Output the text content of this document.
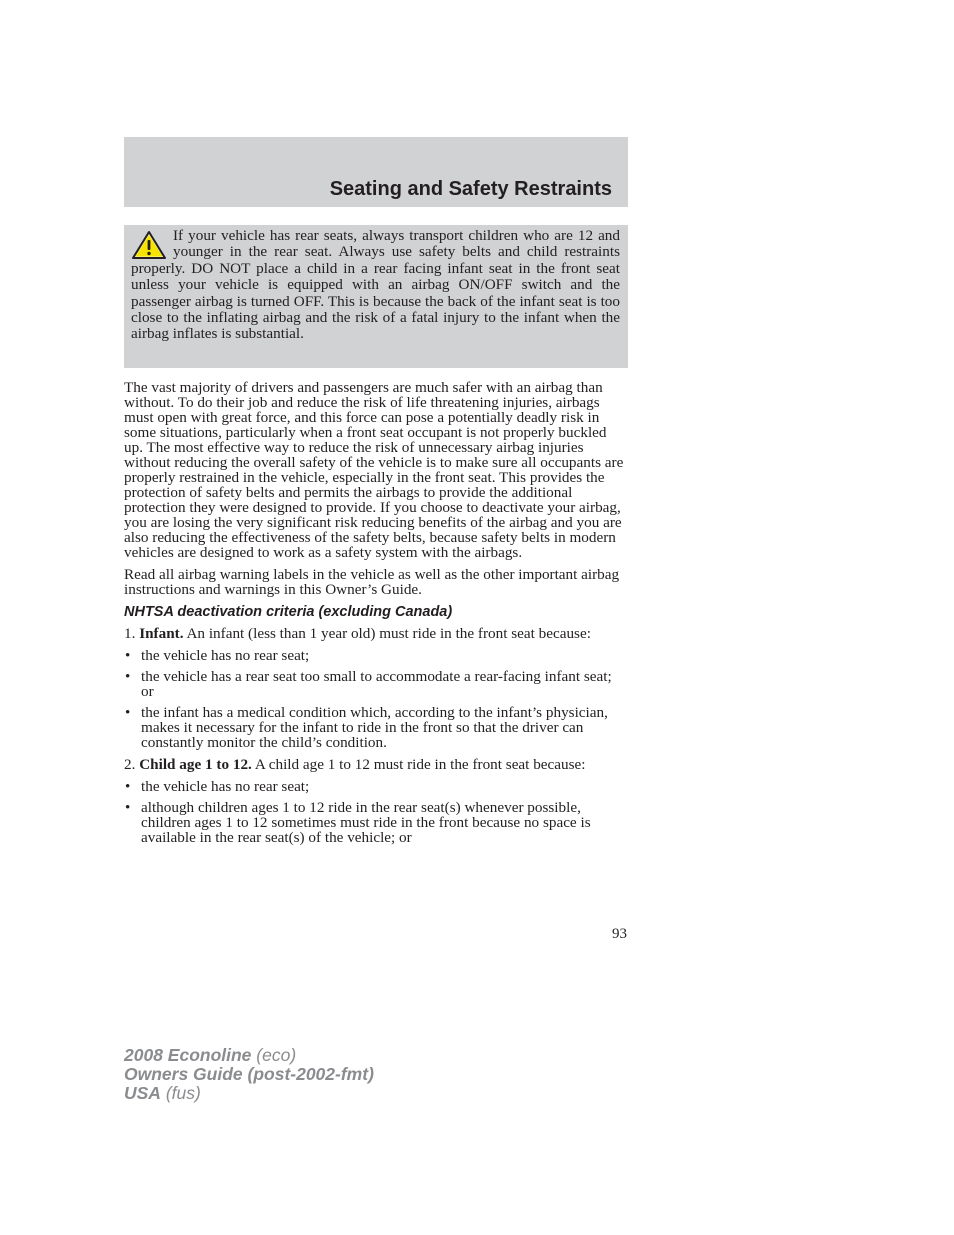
Seating and Safety Restraints

If your vehicle has rear seats, always transport children who are 12 and younger in the rear seat. Always use safety belts and child restraints properly. DO NOT place a child in a rear facing infant seat in the front seat unless your vehicle is equipped with an airbag ON/OFF switch and the passenger airbag is turned OFF. This is because the back of the infant seat is too close to the inflating airbag and the risk of a fatal injury to the infant when the airbag inflates is substantial.

The vast majority of drivers and passengers are much safer with an airbag than without. To do their job and reduce the risk of life threatening injuries, airbags must open with great force, and this force can pose a potentially deadly risk in some situations, particularly when a front seat occupant is not properly buckled up. The most effective way to reduce the risk of unnecessary airbag injuries without reducing the overall safety of the vehicle is to make sure all occupants are properly restrained in the vehicle, especially in the front seat. This provides the protection of safety belts and permits the airbags to provide the additional protection they were designed to provide. If you choose to deactivate your airbag, you are losing the very significant risk reducing benefits of the airbag and you are also reducing the effectiveness of the safety belts, because safety belts in modern vehicles are designed to work as a safety system with the airbags.

Read all airbag warning labels in the vehicle as well as the other important airbag instructions and warnings in this Owner’s Guide.

NHTSA deactivation criteria (excluding Canada)

1. Infant. An infant (less than 1 year old) must ride in the front seat because:

• the vehicle has no rear seat;
• the vehicle has a rear seat too small to accommodate a rear-facing infant seat; or
• the infant has a medical condition which, according to the infant’s physician, makes it necessary for the infant to ride in the front so that the driver can constantly monitor the child’s condition.

2. Child age 1 to 12. A child age 1 to 12 must ride in the front seat because:

• the vehicle has no rear seat;
• although children ages 1 to 12 ride in the rear seat(s) whenever possible, children ages 1 to 12 sometimes must ride in the front because no space is available in the rear seat(s) of the vehicle; or
93
2008 Econoline (eco)
Owners Guide (post-2002-fmt)
USA (fus)
